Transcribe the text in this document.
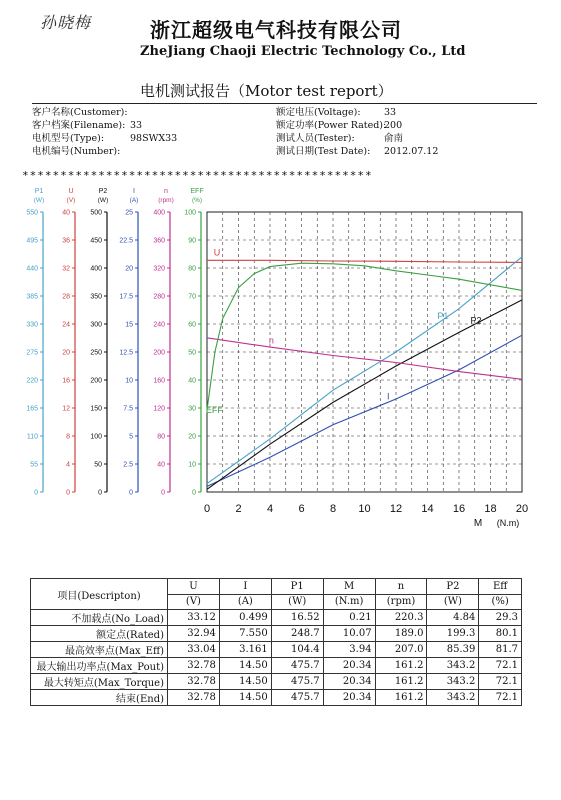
孙晓梅	浙江超级电气科技有限公司
ZheJiang Chaoji Electric Technology Co., Ltd
电机测试报告（Motor test report）
客户名称(Customer):
客户档案(Filename): 33
电机型号(Type):	98SWX33
电机编号(Number):
额定电压(Voltage):	33
额定功率(Power Rated):
200
测试人员(Tester):	俞南
测试日期(Test Date):	2012.07.12
**********************************************
0 2 4 6 8 10 12 14 16 18 20
M (N.m)
P1
(W)
0
55
110
165
220
275
330
385
440
495
550
U
(V)
0
4
8
12
16
20
24
28
32
36
40
P2
(W)
0
50
100
150
200
250
300
350
400
450
500
I
(A)
0
2.5
5
7.5
10
12.5
15
17.5
20
22.5
25
n
(rpm)
0
40
80
120
160
200
240
280
320
360
400
EFF
(%)
0
10
20
30
40
50
60
70
80
90
100
U
I
P1 P2
n
EFF
项目(Descripton)	U	I	P1	M	n	P2	Eff
	(V)	(A)	(W)	(N.m)	(rpm)	(W)	(%)
不加载点(No_Load)	33.12	0.499	16.52	0.21	220.3	4.84	29.3
额定点(Rated)	32.94	7.550	248.7	10.07	189.0	199.3	80.1
最高效率点(Max_Eff)	33.04	3.161	104.4	3.94	207.0	85.39	81.7
最大输出功率点(Max_Pout)	32.78	14.50	475.7	20.34	161.2	343.2	72.1
最大转矩点(Max_Torque)	32.78	14.50	475.7	20.34	161.2	343.2	72.1
结束(End)	32.78	14.50	475.7	20.34	161.2	343.2	72.1
